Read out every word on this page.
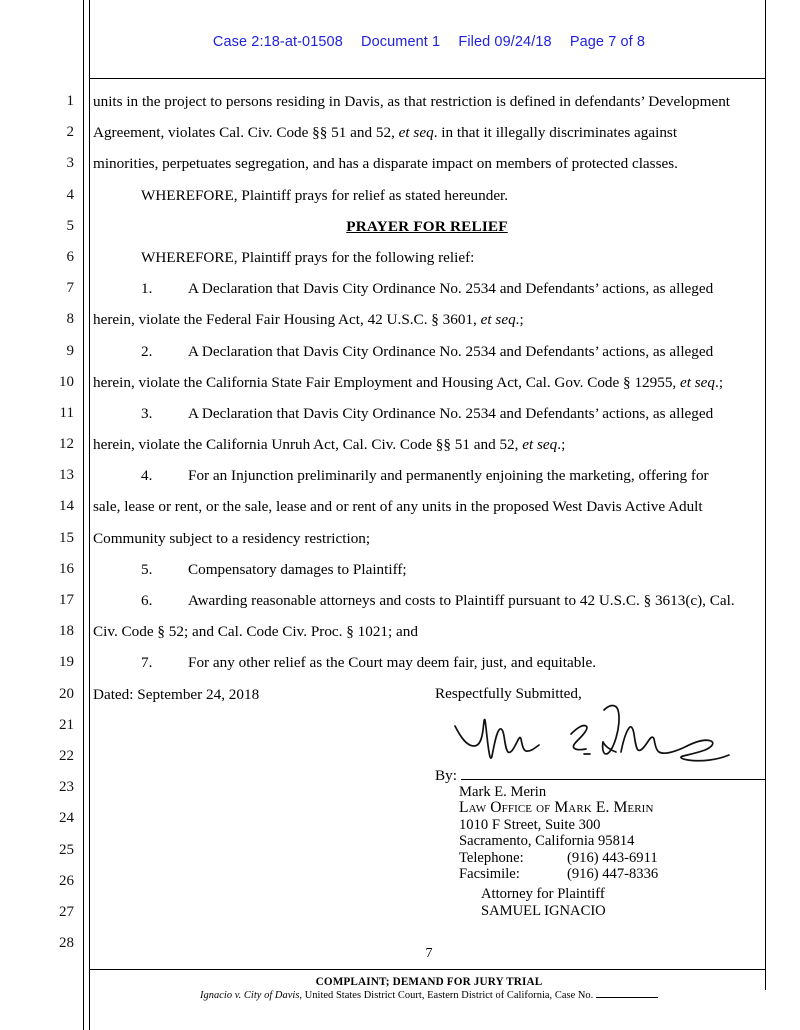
Case 2:18-at-01508 Document 1 Filed 09/24/18 Page 7 of 8
1
2
3
4
5
6
7
8
9
10
11
12
13
14
15
16
17
18
19
20
21
22
23
24
25
26
27
28
units in the project to persons residing in Davis, as that restriction is defined in defendants’ Development
Agreement, violates Cal. Civ. Code §§ 51 and 52, et seq. in that it illegally discriminates against
minorities, perpetuates segregation, and has a disparate impact on members of protected classes.
WHEREFORE, Plaintiff prays for relief as stated hereunder.
PRAYER FOR RELIEF
WHEREFORE, Plaintiff prays for the following relief:
1. A Declaration that Davis City Ordinance No. 2534 and Defendants’ actions, as alleged
herein, violate the Federal Fair Housing Act, 42 U.S.C. § 3601, et seq.;
2. A Declaration that Davis City Ordinance No. 2534 and Defendants’ actions, as alleged
herein, violate the California State Fair Employment and Housing Act, Cal. Gov. Code § 12955, et seq.;
3. A Declaration that Davis City Ordinance No. 2534 and Defendants’ actions, as alleged
herein, violate the California Unruh Act, Cal. Civ. Code §§ 51 and 52, et seq.;
4. For an Injunction preliminarily and permanently enjoining the marketing, offering for
sale, lease or rent, or the sale, lease and or rent of any units in the proposed West Davis Active Adult
Community subject to a residency restriction;
5. Compensatory damages to Plaintiff;
6. Awarding reasonable attorneys and costs to Plaintiff pursuant to 42 U.S.C. § 3613(c), Cal.
Civ. Code § 52; and Cal. Code Civ. Proc. § 1021; and
7. For any other relief as the Court may deem fair, just, and equitable.
Dated: September 24, 2018	Respectfully Submitted,
By:
Mark E. Merin
Law Office of Mark E. Merin
1010 F Street, Suite 300
Sacramento, California 95814
Telephone:	(916) 443-6911
Facsimile:	(916) 447-8336
Attorney for Plaintiff
SAMUEL IGNACIO
7
COMPLAINT; DEMAND FOR JURY TRIAL
Ignacio v. City of Davis, United States District Court, Eastern District of California, Case No.
